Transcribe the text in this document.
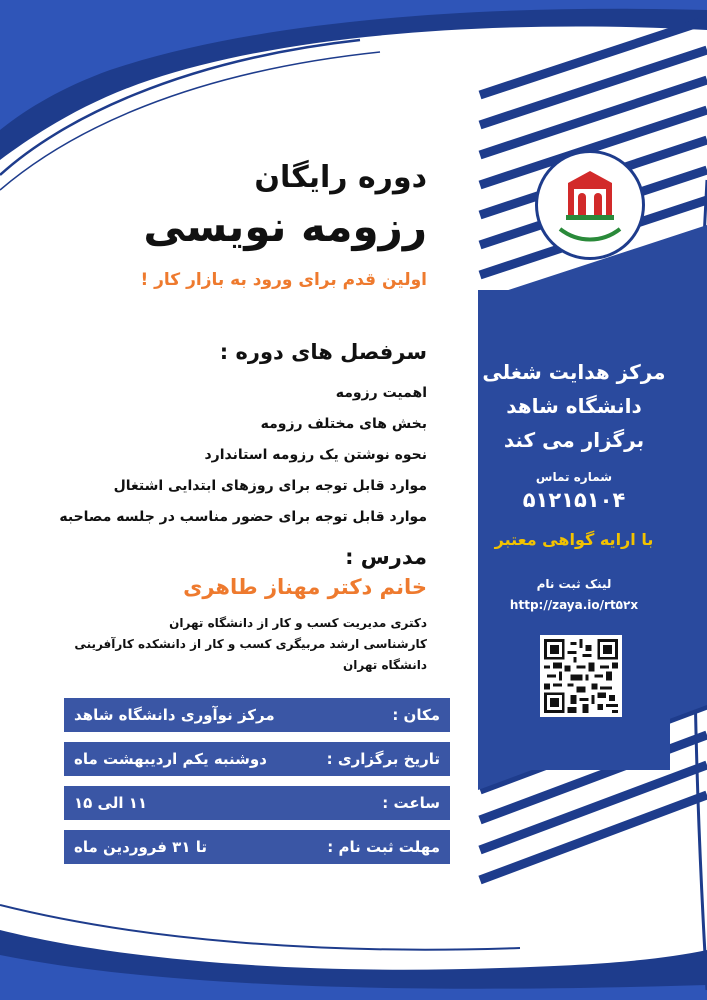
دوره رایگان
رزومه نویسی
اولین قدم برای ورود به بازار کار !
سرفصل های دوره :
اهمیت رزومه
بخش های مختلف رزومه
نحوه نوشتن یک رزومه استاندارد
موارد قابل توجه برای روزهای ابتدایی اشتغال
موارد قابل توجه برای حضور مناسب در جلسه مصاحبه
مدرس :
خانم دکتر مهناز طاهری
دکتری مدیریت کسب و کار از دانشگاه تهران
کارشناسی ارشد مربیگری کسب و کار از دانشکده کارآفرینی
دانشگاه تهران
مکان :
مرکز نوآوری دانشگاه شاهد
تاریخ برگزاری :
دوشنبه یکم اردیبهشت ماه
ساعت :
۱۱ الی ۱۵
مهلت ثبت نام :
تا ۳۱ فروردین ماه
مرکز هدایت شغلی
دانشگاه شاهد
برگزار می کند
شماره تماس
۵۱۲۱۵۱۰۴
با ارایه گواهی معتبر
لینک ثبت نام
http://zaya.io/rt۵۲x
